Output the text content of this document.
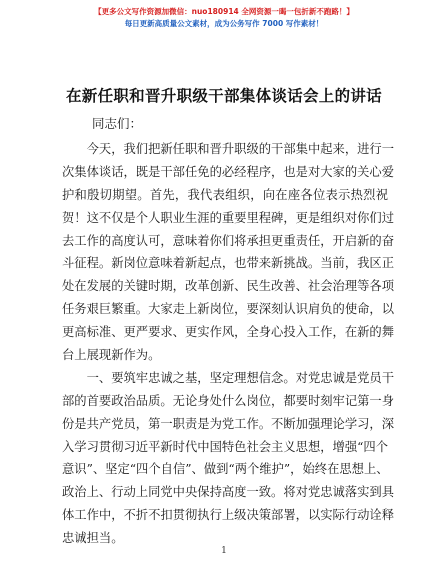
【更多公文写作资源加微信：nuo180914 全网资源一暍一包折新不跑路！】
每日更新高质量公文素材，成为公务写作 7000 写作素材！
在新任职和晋升职级干部集体谈话会上的讲话
同志们：
　　今天，我们把新任职和晋升职级的干部集中起来，进行一
次集体谈话，既是干部任免的必经程序，也是对大家的关心爱
护和殷切期望。首先，我代表组织，向在座各位表示热烈祝
贺！这不仅是个人职业生涯的重要里程碑，更是组织对你们过
去工作的高度认可，意味着你们将承担更重责任，开启新的奋
斗征程。新岗位意味着新起点，也带来新挑战。当前，我区正
处在发展的关键时期，改革创新、民生改善、社会治理等各项
任务艰巨繁重。大家走上新岗位，要深刻认识肩负的使命，以
更高标准、更严要求、更实作风，全身心投入工作，在新的舞
台上展现新作为。
　　一、要筑牢忠诚之基，坚定理想信念。对党忠诚是党员干
部的首要政治品质。无论身处什么岗位，都要时刻牢记第一身
份是共产党员，第一职责是为党工作。不断加强理论学习，深
入学习贯彻习近平新时代中国特色社会主义思想，增强“四个
意识”、坚定“四个自信”、做到“两个维护”，始终在思想上、
政治上、行动上同党中央保持高度一致。将对党忠诚落实到具
体工作中，不折不扣贯彻执行上级决策部署，以实际行动诠释
忠诚担当。
1
